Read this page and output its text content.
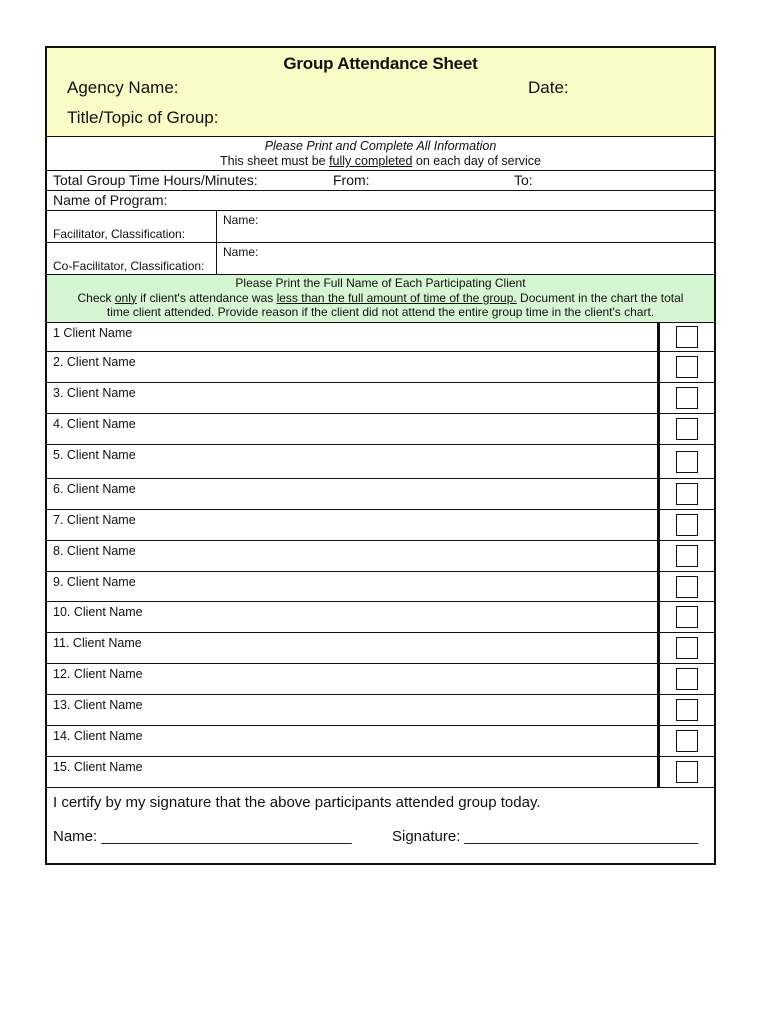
Group Attendance Sheet
Agency Name:	Date:
Title/Topic of Group:
Please Print and Complete All Information
This sheet must be fully completed on each day of service
Total Group Time Hours/Minutes:	From:	To:
Name of Program:
Facilitator, Classification:
Name:
Co-Facilitator, Classification:
Name:
Please Print the Full Name of Each Participating Client
Check only if client's attendance was less than the full amount of time of the group. Document in the chart the total
time client attended. Provide reason if the client did not attend the entire group time in the client's chart.
1 Client Name
2. Client Name
3. Client Name
4. Client Name
5. Client Name
6. Client Name
7. Client Name
8. Client Name
9. Client Name
10. Client Name
11. Client Name
12. Client Name
13. Client Name
14. Client Name
15. Client Name
I certify by my signature that the above participants attended group today.
Name: ______________________________	Signature: ____________________________
